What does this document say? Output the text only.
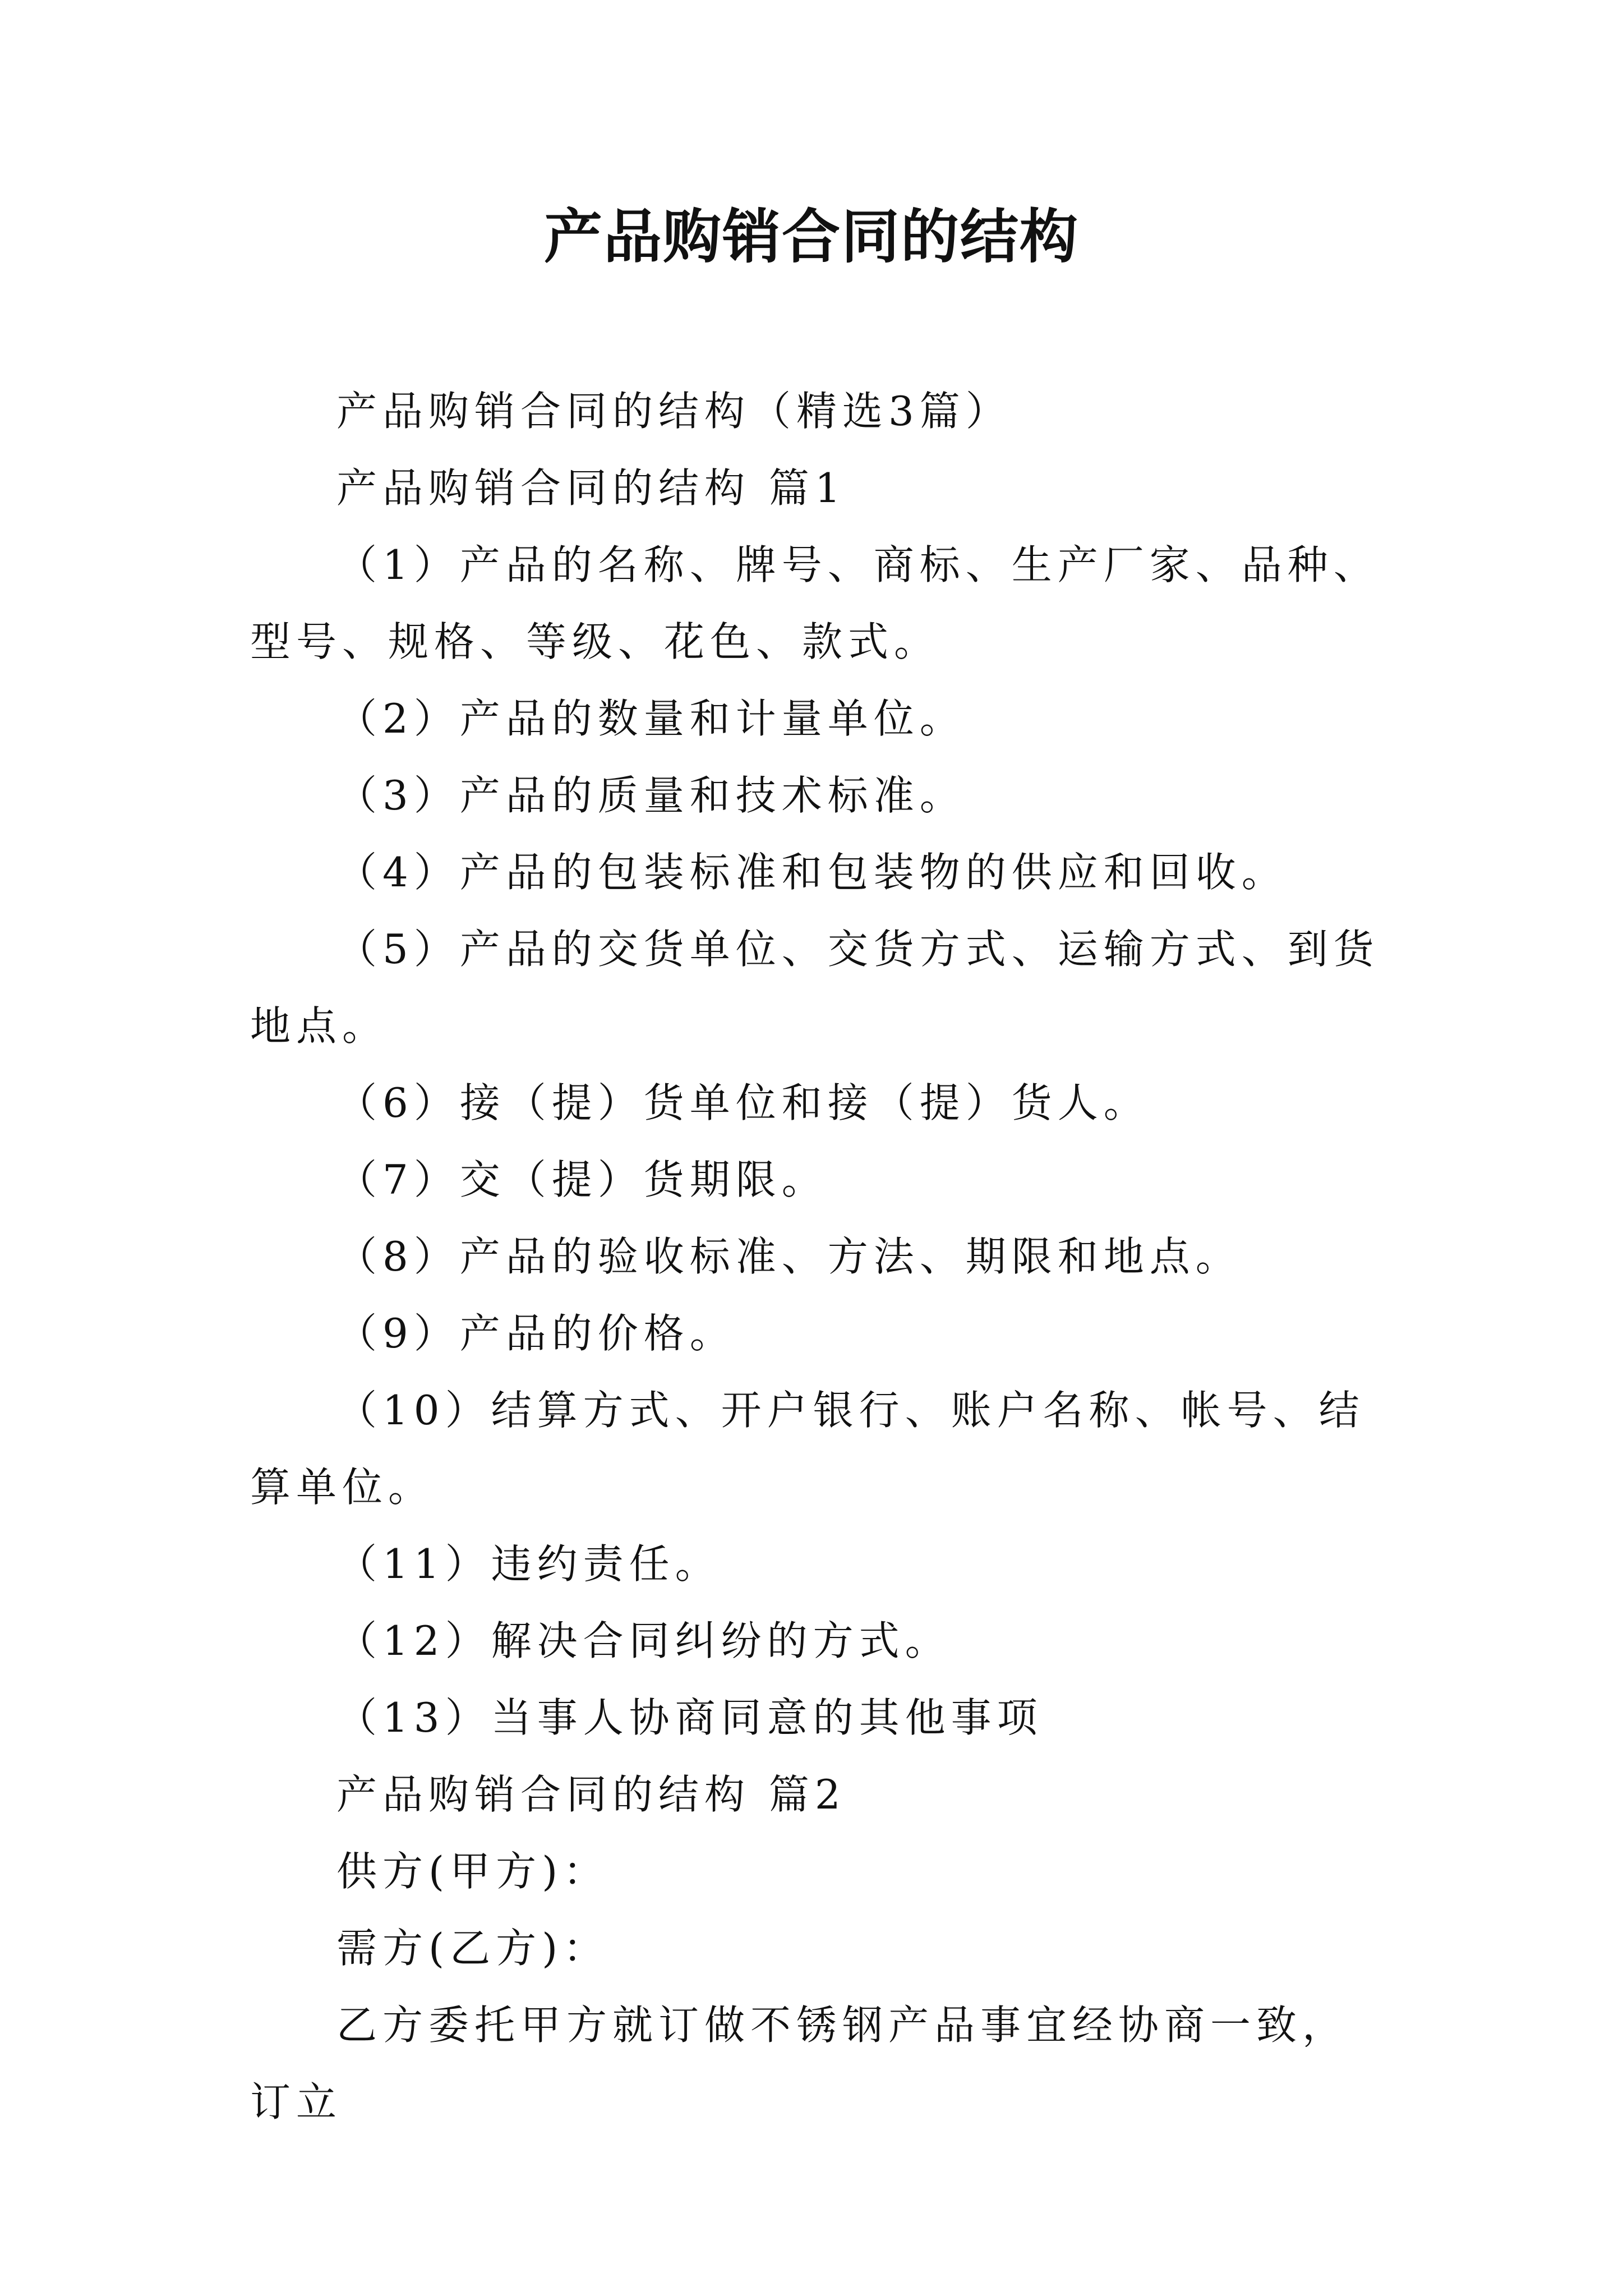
产品购销合同的结构

产品购销合同的结构（精选3篇）

产品购销合同的结构 篇1

（1）产品的名称、牌号、商标、生产厂家、品种、型号、规格、等级、花色、款式。

（2）产品的数量和计量单位。

（3）产品的质量和技术标准。

（4）产品的包装标准和包装物的供应和回收。

（5）产品的交货单位、交货方式、运输方式、到货地点。

（6）接（提）货单位和接（提）货人。

（7）交（提）货期限。

（8）产品的验收标准、方法、期限和地点。

（9）产品的价格。

（10）结算方式、开户银行、账户名称、帐号、结算单位。

（11）违约责任。

（12）解决合同纠纷的方式。

（13）当事人协商同意的其他事项

产品购销合同的结构 篇2

供方(甲方)：

需方(乙方)：

乙方委托甲方就订做不锈钢产品事宜经协商一致，订立
